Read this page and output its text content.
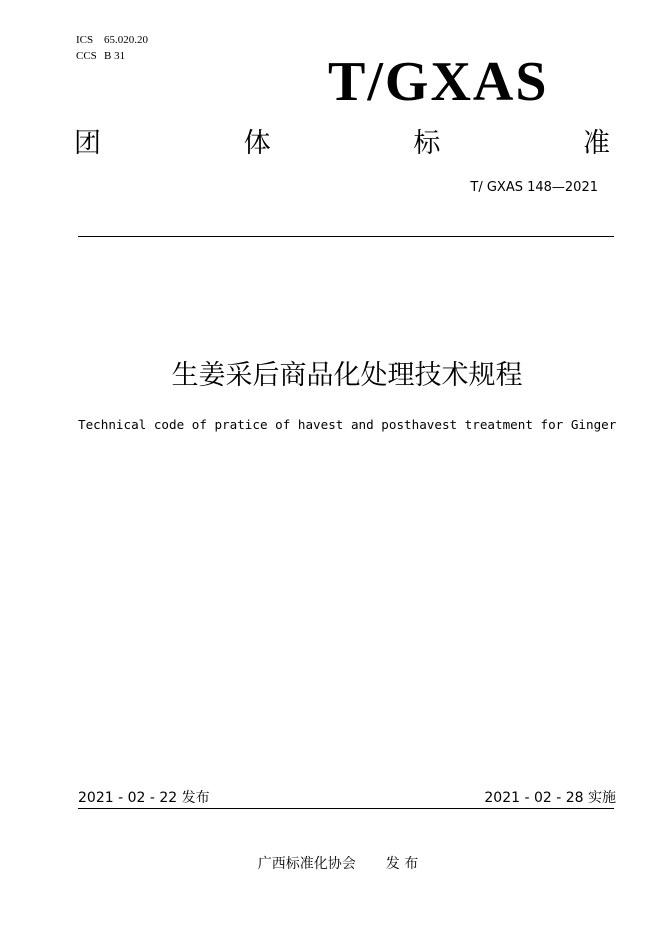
ICS 65.020.20
CCS B 31	T/GXAS
团	体	标	准
T/ GXAS 148—2021
生姜采后商品化处理技术规程
Technical code of pratice of havest and posthavest treatment for Ginger
2021 - 02 - 22 发布	2021 - 02 - 28 实施
广西标准化协会 发 布
